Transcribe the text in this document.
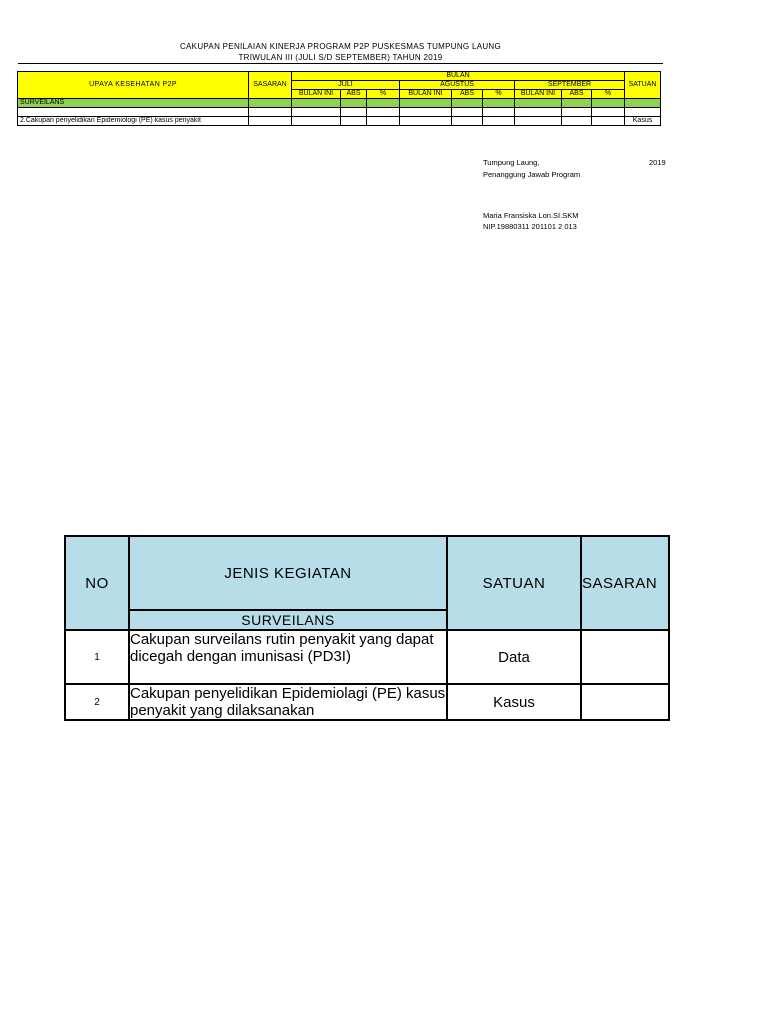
CAKUPAN PENILAIAN KINERJA PROGRAM P2P PUSKESMAS TUMPUNG LAUNG
TRIWULAN III (JULI S/D SEPTEMBER) TAHUN 2019
UPAYA KESEHATAN P2P	SASARAN	BULAN									SATUAN
		JULI			AGUSTUS			SEPTEMBER			
		BULAN INI	ABS	%	BULAN INI	ABS	%	BULAN INI	ABS	%	
SURVEILANS											

2.Cakupan penyelidikan Epidemiologi (PE) kasus penyakit											Kasus
Tumpung Laung,	2019
Penanggung Jawab Program
Maria Fransiska Lon.SI.SKM
NIP.19880311 201101 2 013
NO	JENIS KEGIATAN	SATUAN	SASARAN
	SURVEILANS		
1	Cakupan surveilans rutin penyakit yang dapat dicegah dengan imunisasi (PD3I)	Data	
2	Cakupan penyelidikan Epidemiolagi (PE) kasus penyakit yang dilaksanakan	Kasus	
